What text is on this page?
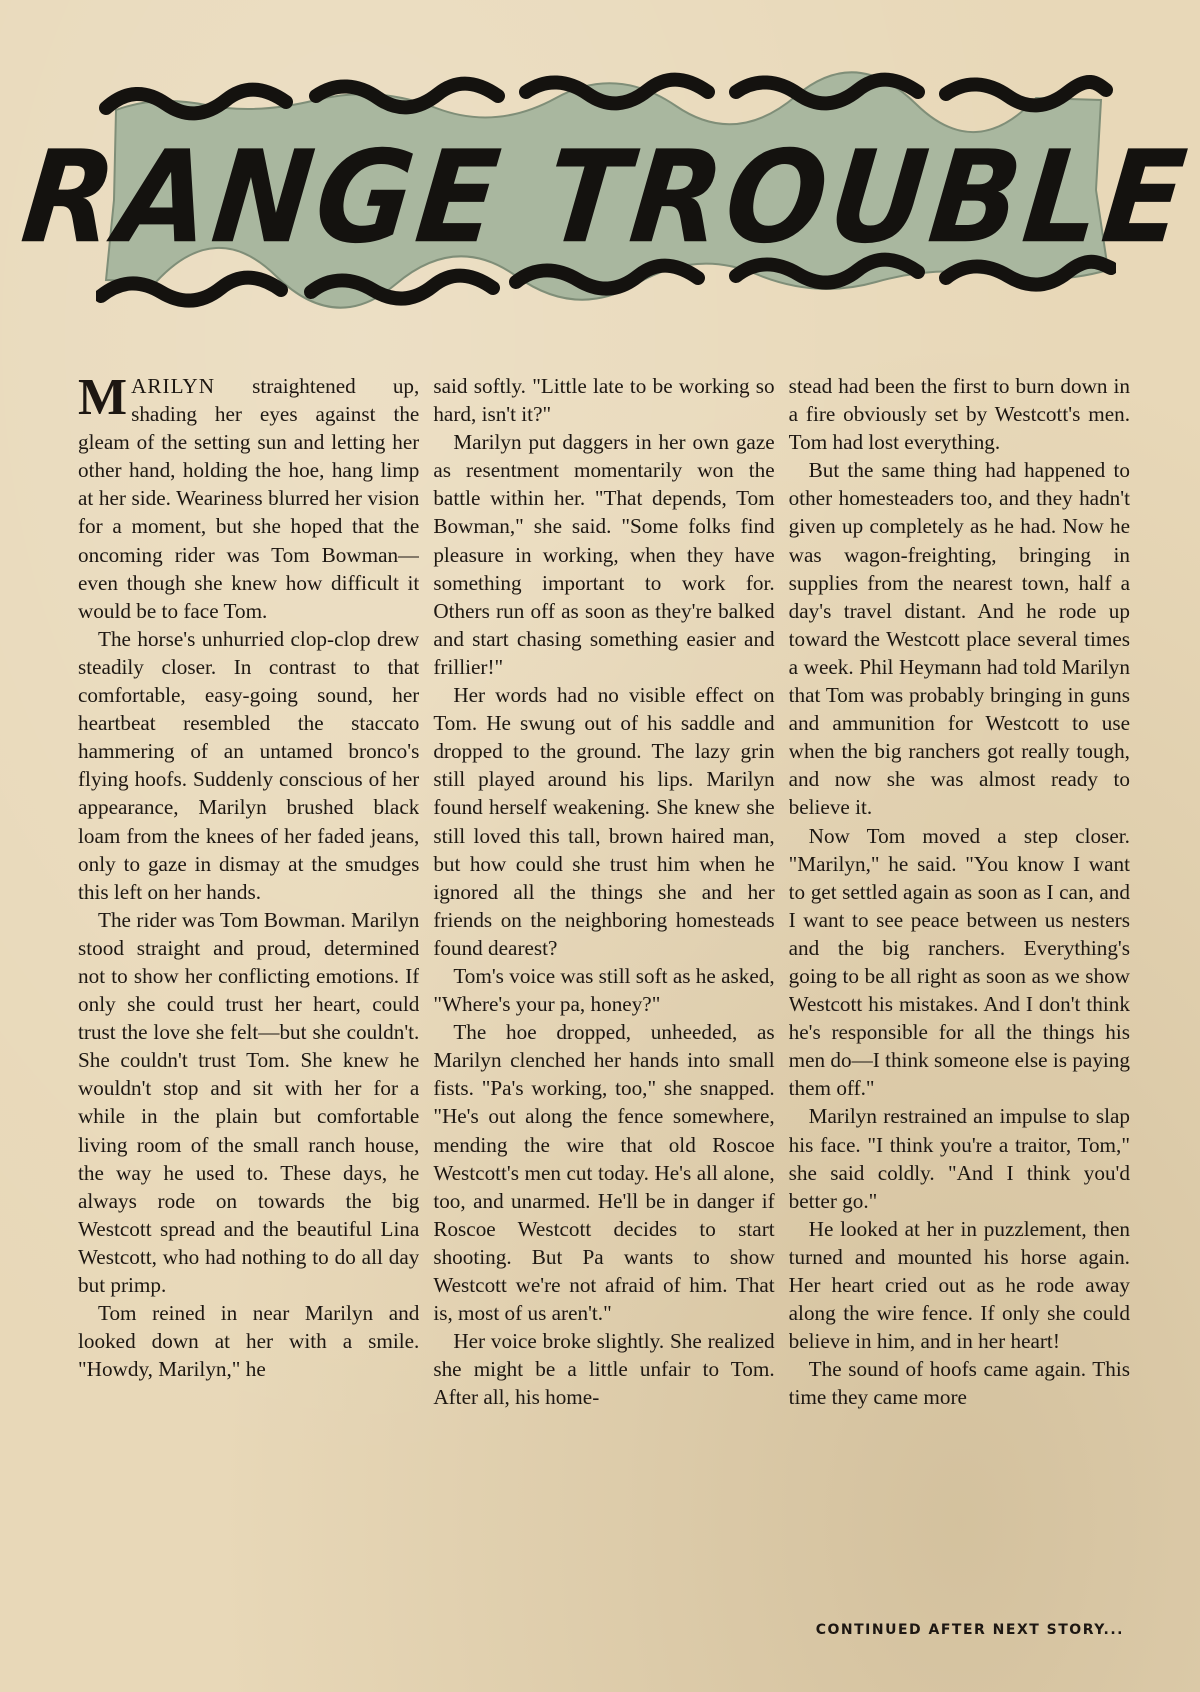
RANGE TROUBLE

MARILYN straightened up, shading her eyes against the gleam of the setting sun and letting her other hand, holding the hoe, hang limp at her side. Weariness blurred her vision for a moment, but she hoped that the oncoming rider was Tom Bowman—even though she knew how difficult it would be to face Tom.

The horse's unhurried clop-clop drew steadily closer. In contrast to that comfortable, easy-going sound, her heartbeat resembled the staccato hammering of an untamed bronco's flying hoofs. Suddenly conscious of her appearance, Marilyn brushed black loam from the knees of her faded jeans, only to gaze in dismay at the smudges this left on her hands.

The rider was Tom Bowman. Marilyn stood straight and proud, determined not to show her conflicting emotions. If only she could trust her heart, could trust the love she felt—but she couldn't. She couldn't trust Tom. She knew he wouldn't stop and sit with her for a while in the plain but comfortable living room of the small ranch house, the way he used to. These days, he always rode on towards the big Westcott spread and the beautiful Lina Westcott, who had nothing to do all day but primp.

Tom reined in near Marilyn and looked down at her with a smile. "Howdy, Marilyn," he

said softly. "Little late to be working so hard, isn't it?"

Marilyn put daggers in her own gaze as resentment momentarily won the battle within her. "That depends, Tom Bowman," she said. "Some folks find pleasure in working, when they have something important to work for. Others run off as soon as they're balked and start chasing something easier and frillier!"

Her words had no visible effect on Tom. He swung out of his saddle and dropped to the ground. The lazy grin still played around his lips. Marilyn found herself weakening. She knew she still loved this tall, brown haired man, but how could she trust him when he ignored all the things she and her friends on the neighboring homesteads found dearest?

Tom's voice was still soft as he asked, "Where's your pa, honey?"

The hoe dropped, unheeded, as Marilyn clenched her hands into small fists. "Pa's working, too," she snapped. "He's out along the fence somewhere, mending the wire that old Roscoe Westcott's men cut today. He's all alone, too, and unarmed. He'll be in danger if Roscoe Westcott decides to start shooting. But Pa wants to show Westcott we're not afraid of him. That is, most of us aren't."

Her voice broke slightly. She realized she might be a little unfair to Tom. After all, his home-

stead had been the first to burn down in a fire obviously set by Westcott's men. Tom had lost everything.

But the same thing had happened to other homesteaders too, and they hadn't given up completely as he had. Now he was wagon-freighting, bringing in supplies from the nearest town, half a day's travel distant. And he rode up toward the Westcott place several times a week. Phil Heymann had told Marilyn that Tom was probably bringing in guns and ammunition for Westcott to use when the big ranchers got really tough, and now she was almost ready to believe it.

Now Tom moved a step closer. "Marilyn," he said. "You know I want to get settled again as soon as I can, and I want to see peace between us nesters and the big ranchers. Everything's going to be all right as soon as we show Westcott his mistakes. And I don't think he's responsible for all the things his men do—I think someone else is paying them off."

Marilyn restrained an impulse to slap his face. "I think you're a traitor, Tom," she said coldly. "And I think you'd better go."

He looked at her in puzzlement, then turned and mounted his horse again. Her heart cried out as he rode away along the wire fence. If only she could believe in him, and in her heart!

The sound of hoofs came again. This time they came more

CONTINUED AFTER NEXT STORY...
